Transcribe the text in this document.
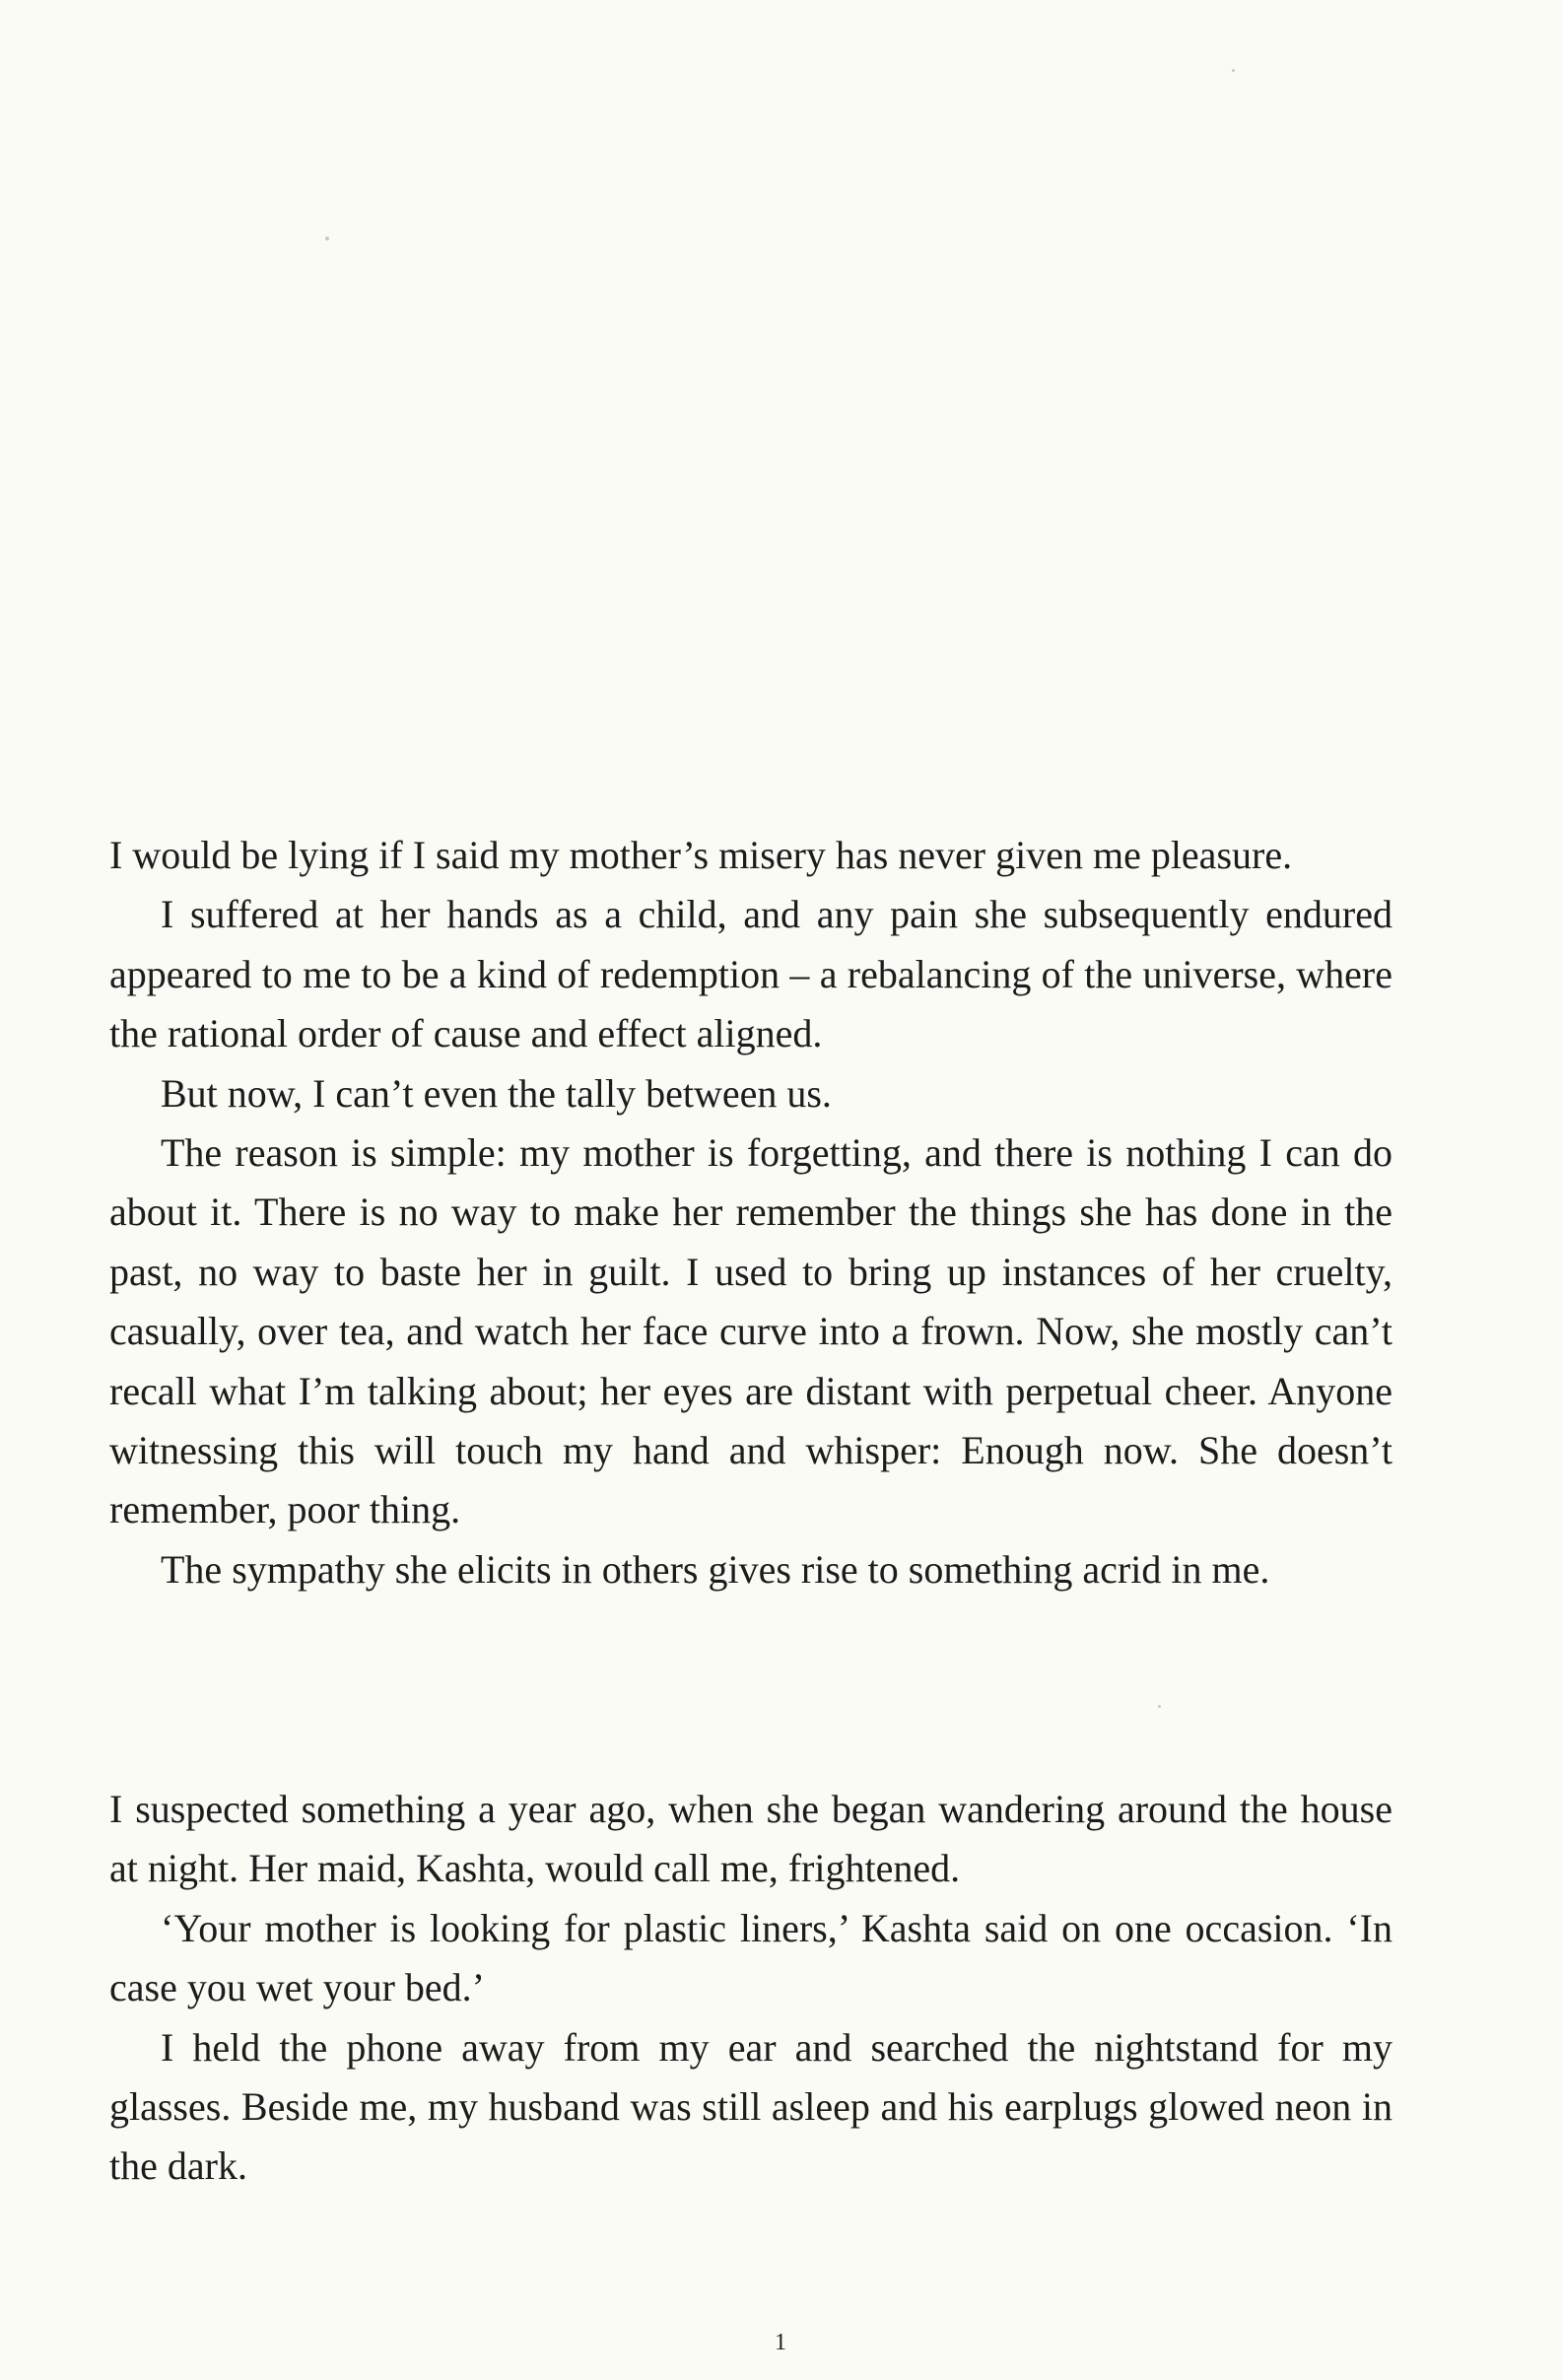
I would be lying if I said my mother’s misery has never given me pleasure.

I suffered at her hands as a child, and any pain she subsequently endured appeared to me to be a kind of redemption – a rebalancing of the universe, where the rational order of cause and effect aligned.

But now, I can’t even the tally between us.

The reason is simple: my mother is forgetting, and there is nothing I can do about it. There is no way to make her remember the things she has done in the past, no way to baste her in guilt. I used to bring up instances of her cruelty, casually, over tea, and watch her face curve into a frown. Now, she mostly can’t recall what I’m talking about; her eyes are distant with perpetual cheer. Anyone witnessing this will touch my hand and whisper: Enough now. She doesn’t remember, poor thing.

The sympathy she elicits in others gives rise to something acrid in me.

I suspected something a year ago, when she began wandering around the house at night. Her maid, Kashta, would call me, frightened.

‘Your mother is looking for plastic liners,’ Kashta said on one occasion. ‘In case you wet your bed.’

I held the phone away from my ear and searched the nightstand for my glasses. Beside me, my husband was still asleep and his earplugs glowed neon in the dark.

1
